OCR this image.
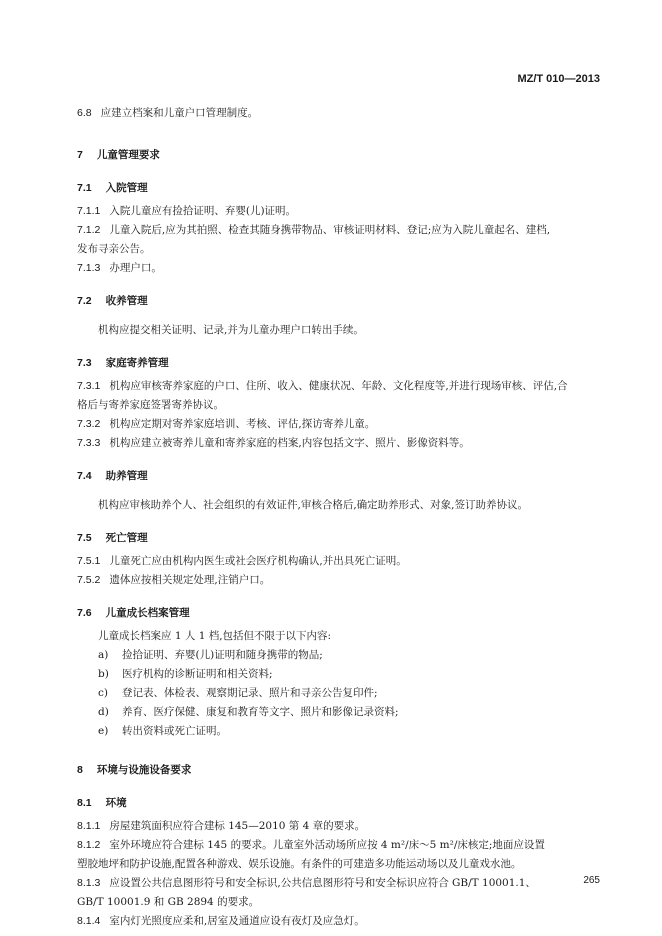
MZ/T 010—2013

6.8 应建立档案和儿童户口管理制度。

7 儿童管理要求
7.1 入院管理

7.1.1 入院儿童应有捡拾证明、弃婴(儿)证明。

7.1.2 儿童入院后,应为其拍照、检查其随身携带物品、审核证明材料、登记;应为入院儿童起名、建档,

发布寻亲公告。

7.1.3 办理户口。

7.2 收养管理

机构应提交相关证明、记录,并为儿童办理户口转出手续。

7.3 家庭寄养管理

7.3.1 机构应审核寄养家庭的户口、住所、收入、健康状况、年龄、文化程度等,并进行现场审核、评估,合

格后与寄养家庭签署寄养协议。

7.3.2 机构应定期对寄养家庭培训、考核、评估,探访寄养儿童。

7.3.3 机构应建立被寄养儿童和寄养家庭的档案,内容包括文字、照片、影像资料等。

7.4 助养管理

机构应审核助养个人、社会组织的有效证件,审核合格后,确定助养形式、对象,签订助养协议。

7.5 死亡管理

7.5.1 儿童死亡应由机构内医生或社会医疗机构确认,并出具死亡证明。

7.5.2 遗体应按相关规定处理,注销户口。

7.6 儿童成长档案管理

儿童成长档案应 1 人 1 档,包括但不限于以下内容:

a) 捡拾证明、弃婴(儿)证明和随身携带的物品;

b) 医疗机构的诊断证明和相关资料;

c) 登记表、体检表、观察期记录、照片和寻亲公告复印件;

d) 养育、医疗保健、康复和教育等文字、照片和影像记录资料;

e) 转出资料或死亡证明。

8 环境与设施设备要求
8.1 环境

8.1.1 房屋建筑面积应符合建标 145—2010 第 4 章的要求。

8.1.2 室外环境应符合建标 145 的要求。儿童室外活动场所应按 4 m²/床～5 m²/床核定;地面应设置

塑胶地坪和防护设施,配置各种游戏、娱乐设施。有条件的可建造多功能运动场以及儿童戏水池。

8.1.3 应设置公共信息图形符号和安全标识,公共信息图形符号和安全标识应符合 GB/T 10001.1、

GB/T 10001.9 和 GB 2894 的要求。

8.1.4 室内灯光照度应柔和,居室及通道应设有夜灯及应急灯。

265
